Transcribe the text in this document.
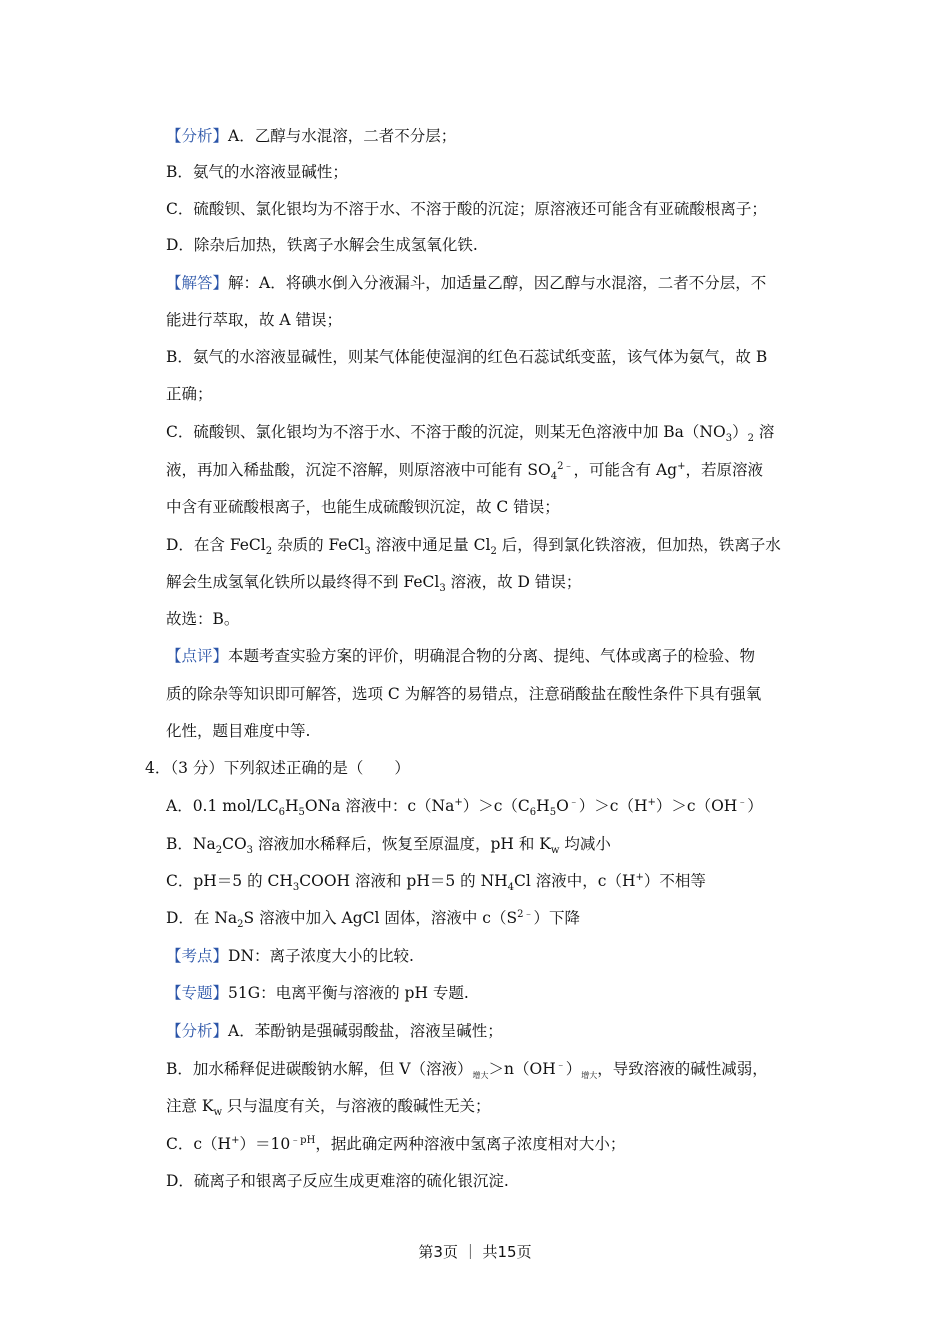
【分析】A．乙醇与水混溶，二者不分层；
B．氨气的水溶液显碱性；
C．硫酸钡、氯化银均为不溶于水、不溶于酸的沉淀；原溶液还可能含有亚硫酸根离子；
D．除杂后加热，铁离子水解会生成氢氧化铁.
【解答】解：A．将碘水倒入分液漏斗，加适量乙醇，因乙醇与水混溶，二者不分层，不
能进行萃取，故 A 错误；
B．氨气的水溶液显碱性，则某气体能使湿润的红色石蕊试纸变蓝，该气体为氨气，故 B
正确；
C．硫酸钡、氯化银均为不溶于水、不溶于酸的沉淀，则某无色溶液中加 $Ba(NO_3)_2$ 溶
液，再加入稀盐酸，沉淀不溶解，则原溶液中可能有 $SO_4^{2﹣}$，可能含有 Ag+，若原溶液
中含有亚硫酸根离子，也能生成硫酸钡沉淀，故 C 错误；
D．在含 FeCl$_2$ 杂质的 FeCl$_3$ 溶液中通足量 $Cl_2$ 后，得到氯化铁溶液，但加热，铁离子水
解会生成氢氧化铁所以最终得不到 FeCl$_3$ 溶液，故 D 错误；
故选：B。
【点评】本题考查实验方案的评价，明确混合物的分离、提纯、气体或离子的检验、物
质的除杂等知识即可解答，选项 C 为解答的易错点，注意硝酸盐在酸性条件下具有强氧
化性，题目难度中等.
4．（3 分）下列叙述正确的是（　　）
A．0.1 mol/$LC_6H_5ONa$ 溶液中：$c(Na^+)>c(C_6H_5O^﹣)>c(H^+)>c(OH^﹣)$
B．$Na_2CO_3$ 溶液加水稀释后，恢复至原温度，pH 和 $K_w$ 均减小
C．pH＝5 的 $CH_3COOH$ 溶液和 pH＝5 的 $NH_4Cl$ 溶液中，c（H+）不相等
D．在 $Na_2S$ 溶液中加入 AgCl 固体，溶液中 $c(S^{2﹣})$下降
【考点】DN：离子浓度大小的比较.
【专题】51G：电离平衡与溶液的 pH 专题.
【分析】A．苯酚钠是强碱弱酸盐，溶液呈碱性；
B．加水稀释促进碳酸钠水解，但 V（溶液）$_{增大}>n(OH^﹣)_{增大}$，导致溶液的碱性减弱，
注意 $K_w$ 只与温度有关，与溶液的酸碱性无关；
C．$c(H^+)=10^{﹣pH}$，据此确定两种溶液中氢离子浓度相对大小；
D．硫离子和银离子反应生成更难溶的硫化银沉淀.
第3页 ｜ 共15页
